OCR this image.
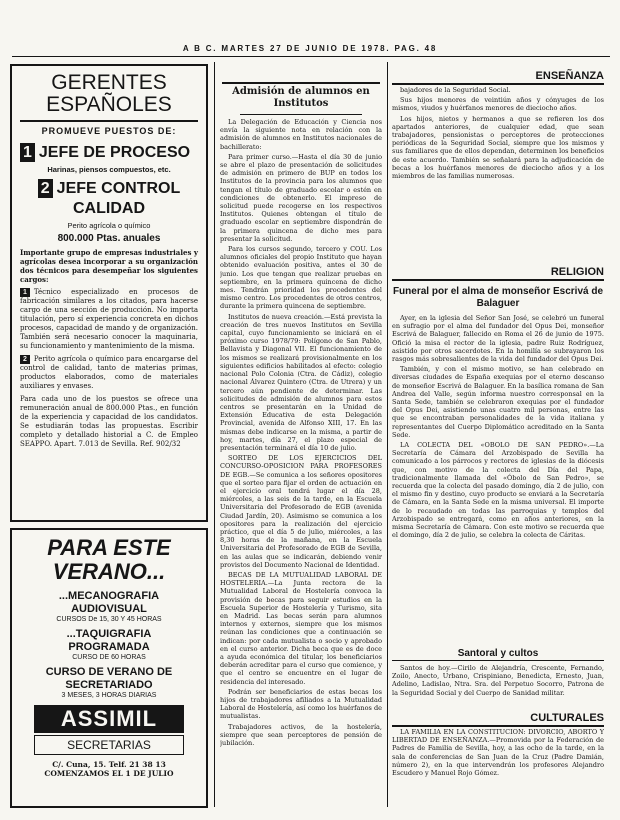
A B C. MARTES 27 DE JUNIO DE 1978. PAG. 48
GERENTES
ESPAÑOLES
PROMUEVE PUESTOS DE:
1 JEFE DE PROCESO
Harinas, piensos compuestos, etc.
2 JEFE CONTROL CALIDAD
Perito agrícola o químico
800.000 Ptas. anuales
Importante grupo de empresas industriales y agrícolas desea incorporar a su organización dos técnicos para desempeñar los siguientes cargos:
1 Técnico especializado en procesos de fabricación similares a los citados, para hacerse cargo de una sección de producción. No importa titulación, pero sí experiencia concreta en dichos procesos, capacidad de mando y de organización. También será necesario conocer la maquinaria, su funcionamiento y mantenimiento de la misma.
2 Perito agrícola o químico para encargarse del control de calidad, tanto de materias primas, productos elaborados, como de materiales auxiliares y envases.
Para cada uno de los puestos se ofrece una remuneración anual de 800.000 Ptas., en función de la experiencia y capacidad de los candidatos. Se estudiarán todas las propuestas. Escribir completo y detallado historial a C. de Empleo SEAPPO. Apart. 7.013 de Sevilla. Ref. 902/32
PARA ESTE
VERANO...
...MECANOGRAFIA AUDIOVISUAL
CURSOS De 15, 30 Y 45 HORAS
...TAQUIGRAFIA PROGRAMADA
CURSO DE 60 HORAS
CURSO DE VERANO DE SECRETARIADO
3 MESES, 3 HORAS DIARIAS
ASSIMIL
SECRETARIAS
C/. Cuna, 15. Telf. 21 38 13
COMENZAMOS EL 1 DE JULIO
Admisión de alumnos en Institutos

La Delegación de Educación y Ciencia nos envía la siguiente nota en relación con la admisión de alumnos en Institutos nacionales de bachillerato:

Para primer curso.—Hasta el día 30 de junio se abre el plazo de presentación de solicitudes de admisión en primero de BUP en todos los Institutos de la provincia para los alumnos que tengan el título de graduado escolar o estén en condiciones de obtenerlo. El impreso de solicitud puede recogerse en los respectivos Institutos. Quienes obtengan el título de graduado escolar en septiembre dispondrán de la primera quincena de dicho mes para presentar la solicitud.

Para los cursos segundo, tercero y COU. Los alumnos oficiales del propio Instituto que hayan obtenido evaluación positiva, antes el 30 de junio. Los que tengan que realizar pruebas en septiembre, en la primera quincena de dicho mes. Tendrán prioridad los procedentes del mismo centro. Los procedentes de otros centros, durante la primera quincena de septiembre.

Institutos de nueva creación.—Está prevista la creación de tres nuevos Institutos en Sevilla capital, cuyo funcionamiento se iniciará en el próximo curso 1978/79: Polígono de San Pablo, Bellavista y Diagonal VII. El funcionamiento de los mismos se realizará provisionalmente en los siguientes edificios habilitados al efecto: colegio nacional Polo Colonia (Ctra. de Cádiz), colegio nacional Álvarez Quintero (Ctra. de Utrera) y un tercero aún pendiente de determinar. Las solicitudes de admisión de alumnos para estos centros se presentarán en la Unidad de Extensión Educativa de esta Delegación Provincial, avenida de Alfonso XIII, 17. En las mismas debe indicarse en la misma, a partir de hoy, martes, día 27, el plazo especial de presentación terminará el día 10 de julio.

SORTEO DE LOS EJERCICIOS DEL CONCURSO-OPOSICION PARA PROFESORES DE EGB.—Se comunica a los señores opositores que el sorteo para fijar el orden de actuación en el ejercicio oral tendrá lugar el día 28, miércoles, a las seis de la tarde, en la Escuela Universitaria del Profesorado de EGB (avenida Ciudad Jardín, 20). Asimismo se comunica a los opositores para la realización del ejercicio práctico, que el día 5 de julio, miércoles, a las 8,30 horas de la mañana, en la Escuela Universitaria del Profesorado de EGB de Sevilla, en las aulas que se indicarán, debiendo venir provistos del Documento Nacional de Identidad.

BECAS DE LA MUTUALIDAD LABORAL DE HOSTELERIA.—La Junta rectora de la Mutualidad Laboral de Hostelería convoca la provisión de becas para seguir estudios en la Escuela Superior de Hostelería y Turismo, sita en Madrid. Las becas serán para alumnos internos y externos, siempre que los mismos reúnan las condiciones que a continuación se indican: por cada mutualista o socio y aprobado en el curso anterior. Dicha beca que es de doce a ayuda económica del titular, los beneficiarios deberán acreditar para el curso que comience, y que el centro se encuentre en el lugar de residencia del interesado.

Podrán ser beneficiarios de estas becas los hijos de trabajadores afiliados a la Mutualidad Laboral de Hostelería, así como los huérfanos de mutualistas.

Trabajadores activos, de la hostelería, siempre que sean perceptores de pensión de jubilación.

ENSEÑANZA

bajadores de la Seguridad Social.

Sus hijos menores de veintiún años y cónyuges de los mismos, viudos y huérfanos menores de dieciocho años.

Los hijos, nietos y hermanos a que se refieren los dos apartados anteriores, de cualquier edad, que sean trabajadores, pensionistas o perceptores de protecciones periódicas de la Seguridad Social, siempre que los mismos y sus familiares que de ellos dependan, determinen los beneficios de este acuerdo. También se señalará para la adjudicación de becas a los huérfanos menores de dieciocho años y a los miembros de las familias numerosas.

RELIGION
Funeral por el alma de monseñor Escrivá de Balaguer

Ayer, en la iglesia del Señor San José, se celebró un funeral en sufragio por el alma del fundador del Opus Dei, monseñor Escrivá de Balaguer, fallecido en Roma el 26 de junio de 1975. Ofició la misa el rector de la iglesia, padre Ruiz Rodríguez, asistido por otros sacerdotes. En la homilía se subrayaron los rasgos más sobresalientes de la vida del fundador del Opus Dei.

También, y con el mismo motivo, se han celebrado en diversas ciudades de España exequias por el eterno descanso de monseñor Escrivá de Balaguer. En la basílica romana de San Andrea del Valle, según informa nuestro corresponsal en la Santa Sede, también se celebraron exequias por el fundador del Opus Dei, asistiendo unas cuatro mil personas, entre las que se encontraban personalidades de la vida italiana y representantes del Cuerpo Diplomático acreditado en la Santa Sede.

LA COLECTA DEL «OBOLO DE SAN PEDRO».—La Secretaría de Cámara del Arzobispado de Sevilla ha comunicado a los párrocos y rectores de iglesias de la diócesis que, con motivo de la colecta del Día del Papa, tradicionalmente llamada del «Óbolo de San Pedro», se recuerda que la colecta del pasado domingo, día 2 de julio, con el mismo fin y destino, cuyo producto se enviará a la Secretaría de Cámara, en la Santa Sede en la misma universal. El importe de lo recaudado en todas las parroquias y templos del Arzobispado se entregará, como en años anteriores, en la misma Secretaría de Cámara. Con este motivo se recuerda que el domingo, día 2 de julio, se celebra la colecta de Cáritas.

Santoral y cultos

Santos de hoy.—Cirilo de Alejandría, Crescente, Fernando, Zoilo, Anecto, Urbano, Crispiniano, Benedicta, Ernesto, Juan, Adelino, Ladislao, Ntra. Sra. del Perpetuo Socorro, Patrona de la Seguridad Social y del Cuerpo de Sanidad militar.

CULTURALES

LA FAMILIA EN LA CONSTITUCION: DIVORCIO, ABORTO Y LIBERTAD DE ENSEÑANZA.—Promovida por la Federación de Padres de Familia de Sevilla, hoy, a las ocho de la tarde, en la sala de conferencias de San Juan de la Cruz (Padre Damián, número 2), en la que intervendrán los profesores Alejandro Escudero y Manuel Rojo Gómez.
